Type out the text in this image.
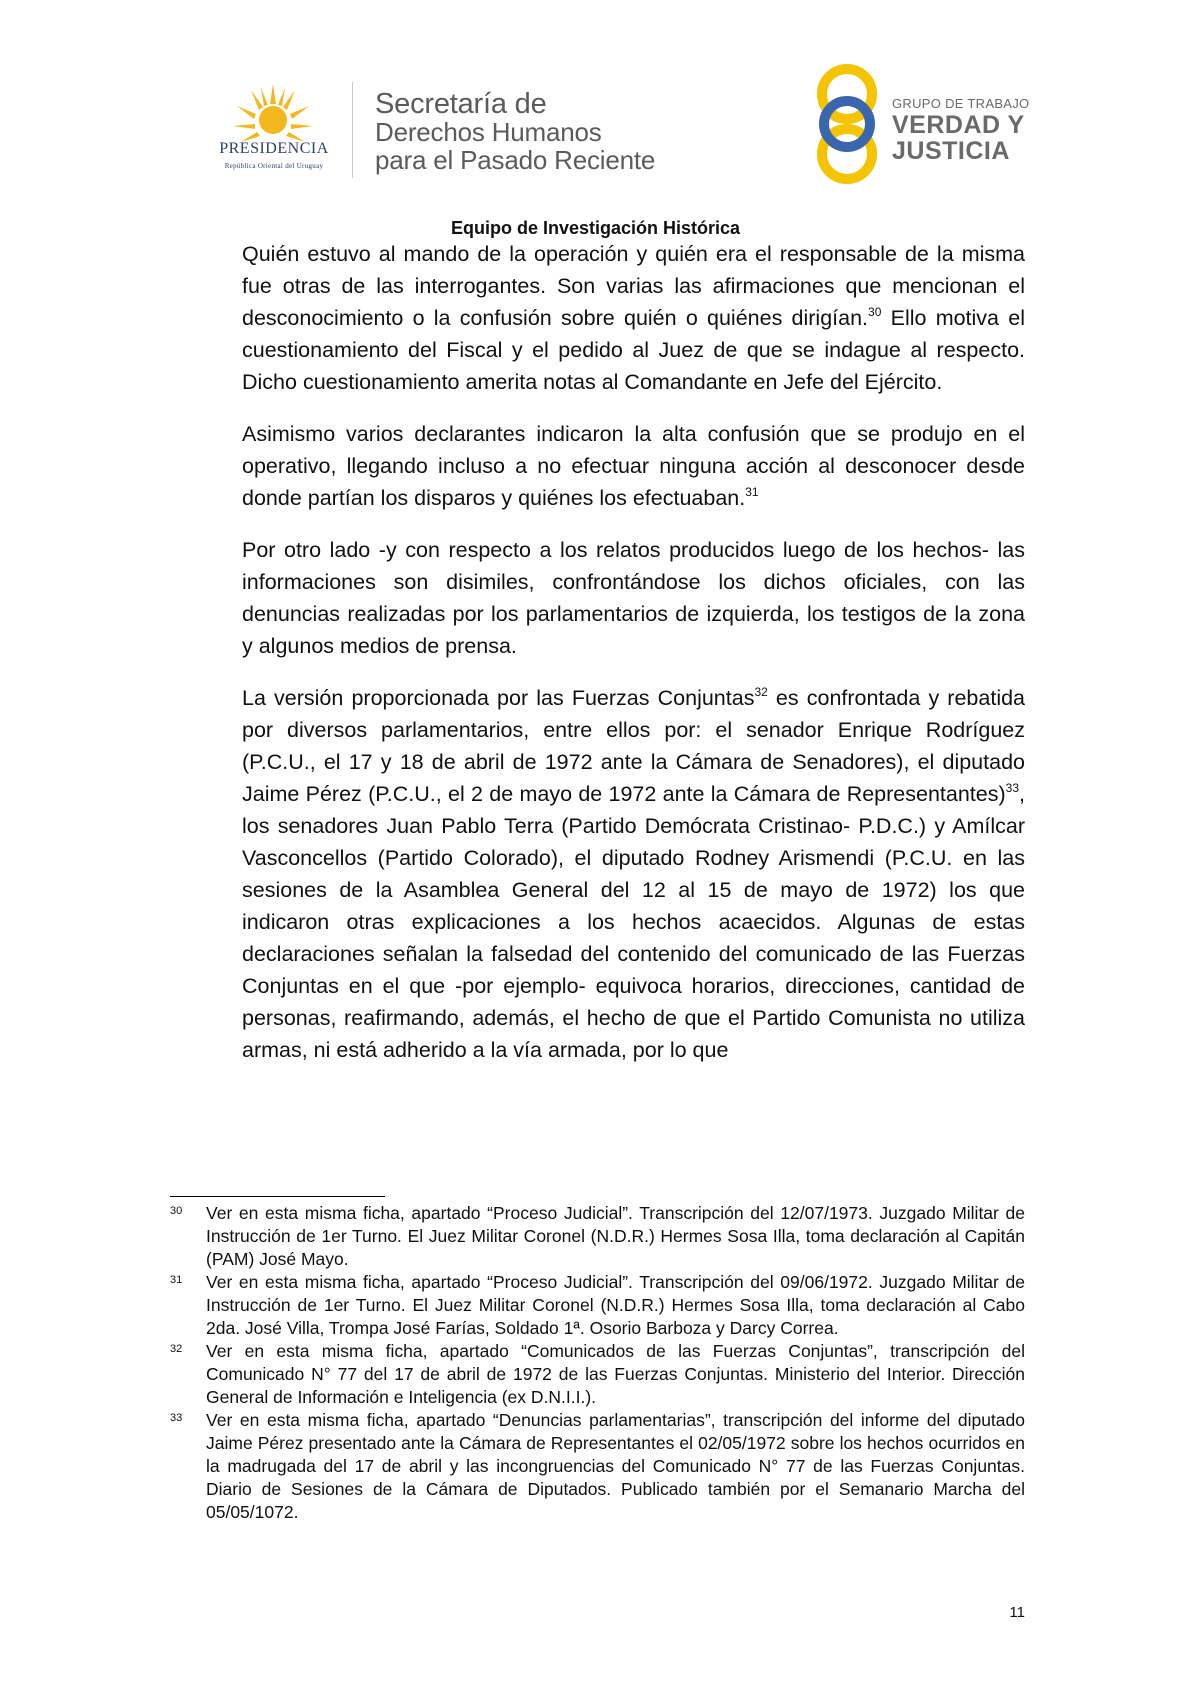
PRESIDENCIA
República Oriental del Uruguay
Secretaría de
Derechos Humanos
para el Pasado Reciente
GRUPO DE TRABAJO
VERDAD Y
JUSTICIA
Equipo de Investigación Histórica

Quién estuvo al mando de la operación y quién era el responsable de la misma fue otras de las interrogantes. Son varias las afirmaciones que mencionan el desconocimiento o la confusión sobre quién o quiénes dirigían.$^{30}$ Ello motiva el cuestionamiento del Fiscal y el pedido al Juez de que se indague al respecto. Dicho cuestionamiento amerita notas al Comandante en Jefe del Ejército.

Asimismo varios declarantes indicaron la alta confusión que se produjo en el operativo, llegando incluso a no efectuar ninguna acción al desconocer desde donde partían los disparos y quiénes los efectuaban.$^{31}$

Por otro lado -y con respecto a los relatos producidos luego de los hechos- las informaciones son disimiles, confrontándose los dichos oficiales, con las denuncias realizadas por los parlamentarios de izquierda, los testigos de la zona y algunos medios de prensa.

La versión proporcionada por las Fuerzas Conjuntas$^{32}$ es confrontada y rebatida por diversos parlamentarios, entre ellos por: el senador Enrique Rodríguez (P.C.U., el 17 y 18 de abril de 1972 ante la Cámara de Senadores), el diputado Jaime Pérez (P.C.U., el 2 de mayo de 1972 ante la Cámara de Representantes)$^{33}$, los senadores Juan Pablo Terra (Partido Demócrata Cristinao- P.D.C.) y Amílcar Vasconcellos (Partido Colorado), el diputado Rodney Arismendi (P.C.U. en las sesiones de la Asamblea General del 12 al 15 de mayo de 1972) los que indicaron otras explicaciones a los hechos acaecidos. Algunas de estas declaraciones señalan la falsedad del contenido del comunicado de las Fuerzas Conjuntas en el que -por ejemplo- equivoca horarios, direcciones, cantidad de personas, reafirmando, además, el hecho de que el Partido Comunista no utiliza armas, ni está adherido a la vía armada, por lo que

30	Ver en esta misma ficha, apartado “Proceso Judicial”. Transcripción del 12/07/1973. Juzgado Militar de Instrucción de 1er Turno. El Juez Militar Coronel (N.D.R.) Hermes Sosa Illa, toma declaración al Capitán (PAM) José Mayo.
31	Ver en esta misma ficha, apartado “Proceso Judicial”. Transcripción del 09/06/1972. Juzgado Militar de Instrucción de 1er Turno. El Juez Militar Coronel (N.D.R.) Hermes Sosa Illa, toma declaración al Cabo 2da. José Villa, Trompa José Farías, Soldado 1ª. Osorio Barboza y Darcy Correa.
32	Ver en esta misma ficha, apartado “Comunicados de las Fuerzas Conjuntas”, transcripción del Comunicado N° 77 del 17 de abril de 1972 de las Fuerzas Conjuntas. Ministerio del Interior. Dirección General de Información e Inteligencia (ex D.N.I.I.).
33	Ver en esta misma ficha, apartado “Denuncias parlamentarias”, transcripción del informe del diputado Jaime Pérez presentado ante la Cámara de Representantes el 02/05/1972 sobre los hechos ocurridos en la madrugada del 17 de abril y las incongruencias del Comunicado N° 77 de las Fuerzas Conjuntas. Diario de Sesiones de la Cámara de Diputados. Publicado también por el Semanario Marcha del 05/05/1072.
11
